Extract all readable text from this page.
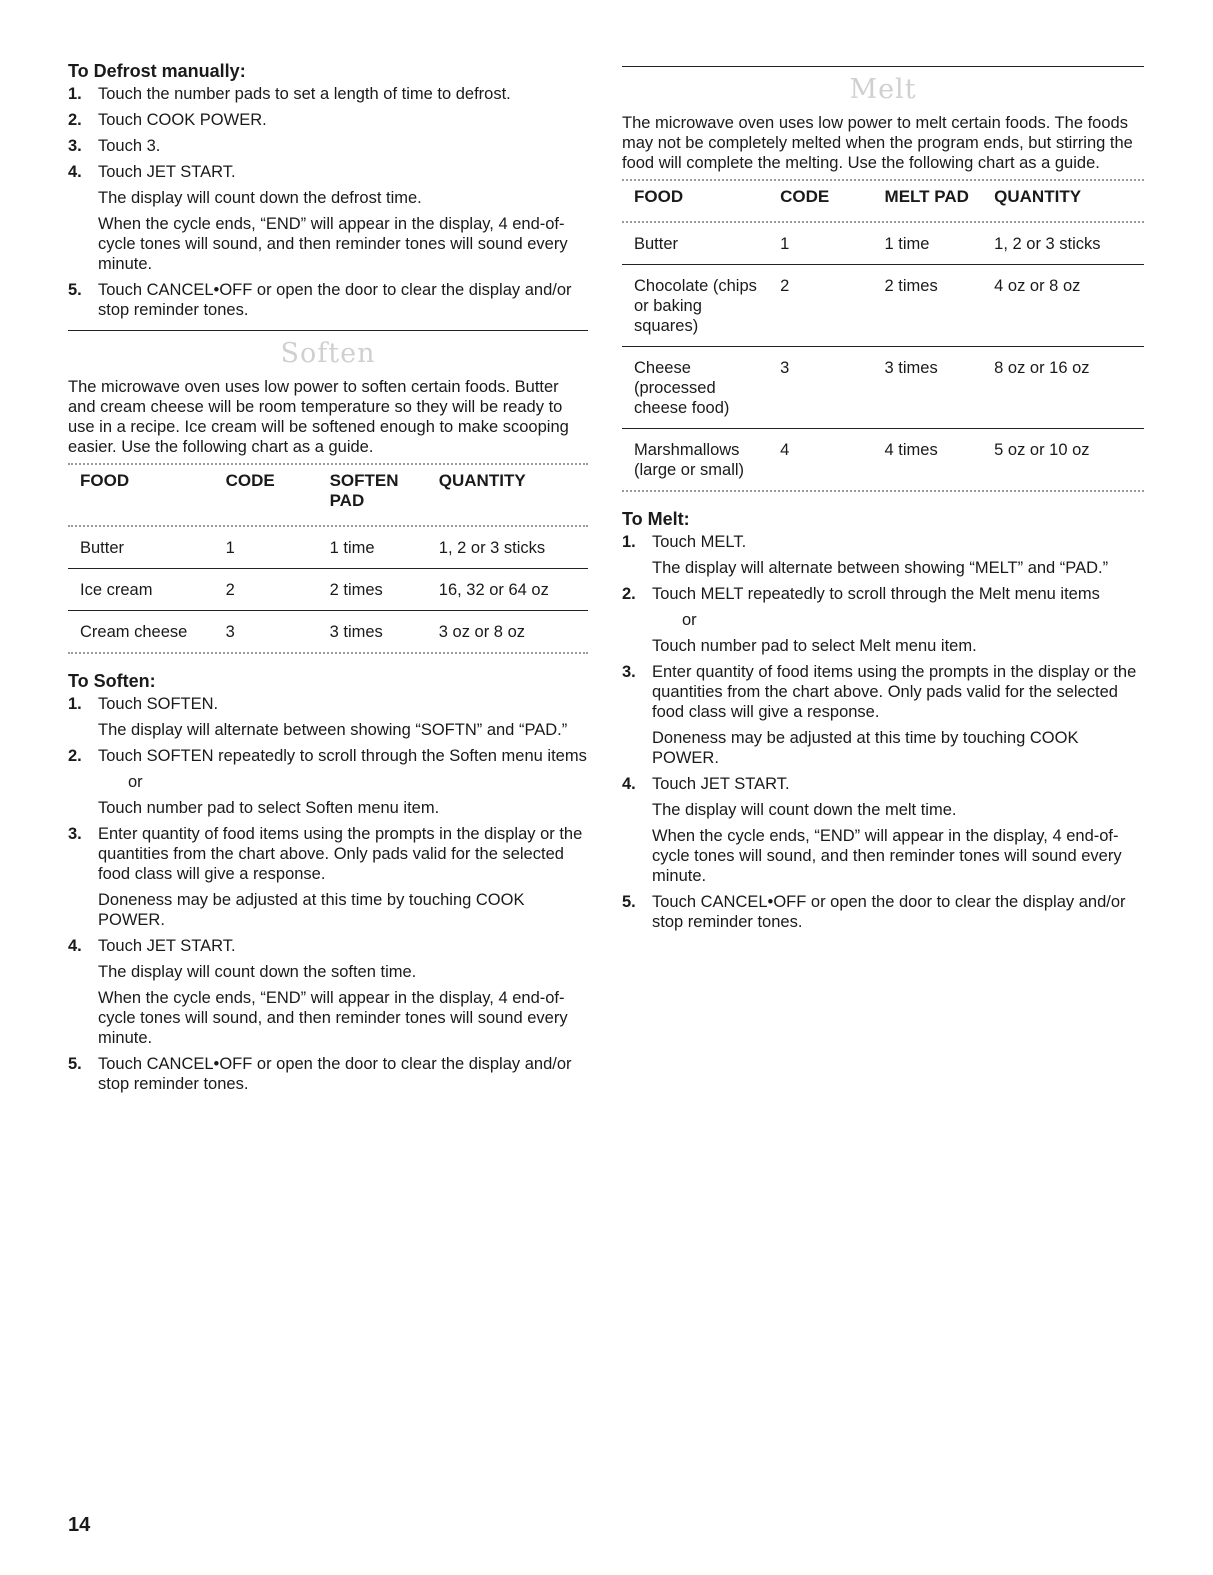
To Defrost manually:
1. Touch the number pads to set a length of time to defrost.

2. Touch COOK POWER.

3. Touch 3.

4. Touch JET START.

The display will count down the defrost time.

When the cycle ends, “END” will appear in the display, 4 end-of-cycle tones will sound, and then reminder tones will sound every minute.

5. Touch CANCEL•OFF or open the door to clear the display and/or stop reminder tones.

Soften

The microwave oven uses low power to soften certain foods. Butter and cream cheese will be room temperature so they will be ready to use in a recipe. Ice cream will be softened enough to make scooping easier. Use the following chart as a guide.

FOOD	CODE	SOFTEN PAD	QUANTITY

Butter	1	1 time	1, 2 or 3 sticks
Ice cream	2	2 times	16, 32 or 64 oz
Cream cheese	3	3 times	3 oz or 8 oz
To Soften:
1. Touch SOFTEN.

The display will alternate between showing “SOFTN” and “PAD.”

2. Touch SOFTEN repeatedly to scroll through the Soften menu items

or

Touch number pad to select Soften menu item.

3. Enter quantity of food items using the prompts in the display or the quantities from the chart above. Only pads valid for the selected food class will give a response.

Doneness may be adjusted at this time by touching COOK POWER.

4. Touch JET START.

The display will count down the soften time.

When the cycle ends, “END” will appear in the display, 4 end-of-cycle tones will sound, and then reminder tones will sound every minute.

5. Touch CANCEL•OFF or open the door to clear the display and/or stop reminder tones.

Melt

The microwave oven uses low power to melt certain foods. The foods may not be completely melted when the program ends, but stirring the food will complete the melting. Use the following chart as a guide.

FOOD	CODE	MELT PAD	QUANTITY

Butter	1	1 time	1, 2 or 3 sticks
Chocolate (chips or baking squares)	2	2 times	4 oz or 8 oz
Cheese (processed cheese food)	3	3 times	8 oz or 16 oz
Marshmallows (large or small)	4	4 times	5 oz or 10 oz
To Melt:
1. Touch MELT.

The display will alternate between showing “MELT” and “PAD.”

2. Touch MELT repeatedly to scroll through the Melt menu items

or

Touch number pad to select Melt menu item.

3. Enter quantity of food items using the prompts in the display or the quantities from the chart above. Only pads valid for the selected food class will give a response.

Doneness may be adjusted at this time by touching COOK POWER.

4. Touch JET START.

The display will count down the melt time.

When the cycle ends, “END” will appear in the display, 4 end-of-cycle tones will sound, and then reminder tones will sound every minute.

5. Touch CANCEL•OFF or open the door to clear the display and/or stop reminder tones.

14
